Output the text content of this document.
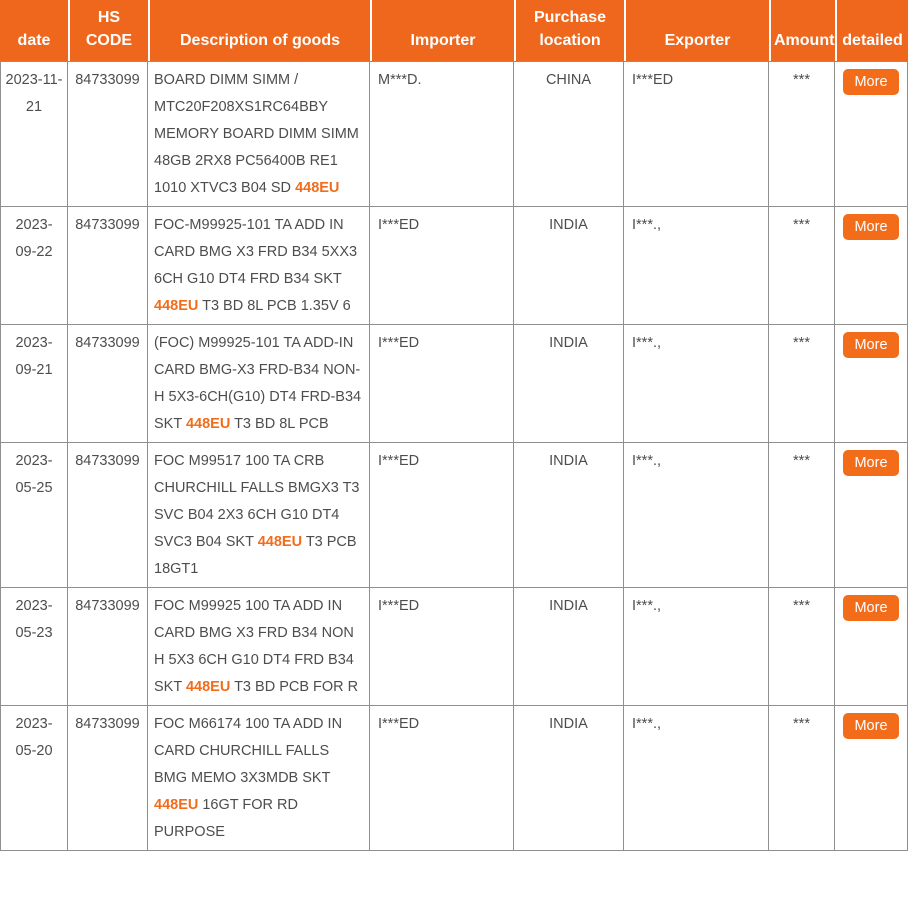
date	HS CODE	Description of goods	Importer	Purchase location	Exporter	Amount	detailed
2023-11-21	84733099	BOARD DIMM SIMM / MTC20F208XS1RC64BBY MEMORY BOARD DIMM SIMM 48GB 2RX8 PC56400B RE1 1010 XTVC3 B04 SD 448EU	M***D.	CHINA	I***ED	***	More
2023-09-22	84733099	FOC-M99925-101 TA ADD IN CARD BMG X3 FRD B34 5XX3 6CH G10 DT4 FRD B34 SKT 448EU T3 BD 8L PCB 1.35V 6	I***ED	INDIA	I***.,	***	More
2023-09-21	84733099	(FOC) M99925-101 TA ADD-IN CARD BMG-X3 FRD-B34 NON-H 5X3-6CH(G10) DT4 FRD-B34 SKT 448EU T3 BD 8L PCB	I***ED	INDIA	I***.,	***	More
2023-05-25	84733099	FOC M99517 100 TA CRB CHURCHILL FALLS BMGX3 T3 SVC B04 2X3 6CH G10 DT4 SVC3 B04 SKT 448EU T3 PCB 18GT1	I***ED	INDIA	I***.,	***	More
2023-05-23	84733099	FOC M99925 100 TA ADD IN CARD BMG X3 FRD B34 NON H 5X3 6CH G10 DT4 FRD B34 SKT 448EU T3 BD PCB FOR R	I***ED	INDIA	I***.,	***	More
2023-05-20	84733099	FOC M66174 100 TA ADD IN CARD CHURCHILL FALLS BMG MEMO 3X3MDB SKT 448EU 16GT FOR RD PURPOSE	I***ED	INDIA	I***.,	***	More
